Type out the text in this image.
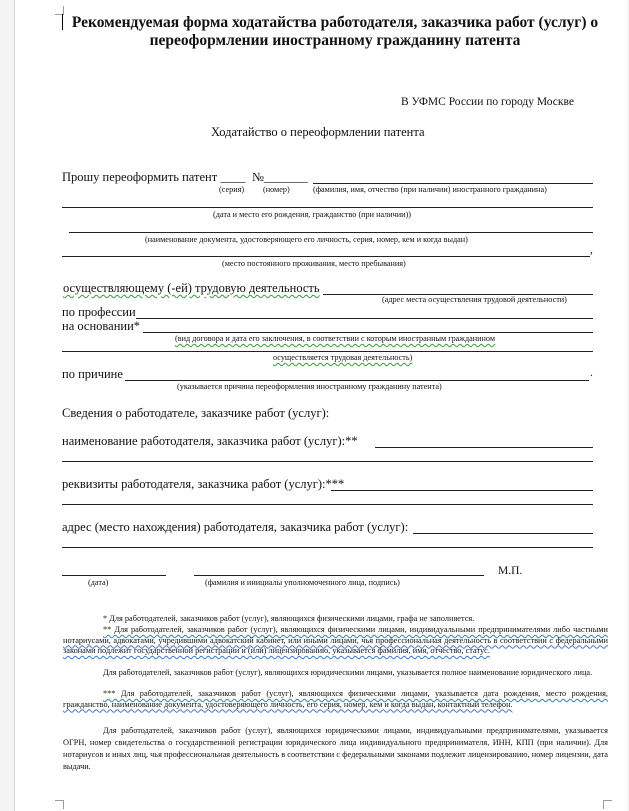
Рекомендуемая форма ходатайства работодателя, заказчика работ (услуг) о переоформлении иностранному гражданину патента
В УФМС России по городу Москве
Ходатайство о переоформлении патента
Прошу переоформить патент ____ №_______
(серия) (номер)	(фамилия, имя, отчество (при наличии) иностранного гражданина)
(дата и место его рождения, гражданство (при наличии))
(наименование документа, удостоверяющего его личность, серия, номер, кем и когда выдан)
,
(место постоянного проживания, место пребывания)
осуществляющему (-ей) трудовую деятельность
(адрес места осуществления трудовой деятельности)
по профессии
на основании*
(вид договора и дата его заключения, в соответствии с которым иностранным гражданином
осуществляется трудовая деятельность)
по причине	.
(указывается причина переоформления иностранному гражданину патента)
Сведения о работодателе, заказчике работ (услуг):
наименование работодателя, заказчика работ (услуг):**
реквизиты работодателя, заказчика работ (услуг):***
адрес (место нахождения) работодателя, заказчика работ (услуг):
(дата)	(фамилия и инициалы уполномоченного лица, подпись)
М.П.
* Для работодателей, заказчиков работ (услуг), являющихся физическими лицами, графа не заполняется.
** Для работодателей, заказчиков работ (услуг), являющихся физическими лицами, индивидуальными предпринимателями либо частными нотариусами, адвокатами, учредившими адвокатский кабинет, или иными лицами, чья профессиональная деятельность в соответствии с федеральными законами подлежит государственной регистрации и (или) лицензированию, указывается фамилия, имя, отчество, статус.
Для работодателей, заказчиков работ (услуг), являющихся юридическими лицами, указывается полное наименование юридического лица.
*** Для работодателей, заказчиков работ (услуг), являющихся физическими лицами, указывается дата рождения, место рождения, гражданство, наименование документа, удостоверяющего личность, его серия, номер, кем и когда выдан, контактный телефон.
Для работодателей, заказчиков работ (услуг), являющихся юридическими лицами, индивидуальными предпринимателями, указывается ОГРН, номер свидетельства о государственной регистрации юридического лица индивидуального предпринимателя, ИНН, КПП (при наличии). Для нотариусов и иных лиц, чья профессиональная деятельность в соответствии с федеральными законами подлежит лицензированию, номер лицензии, дата выдачи.
